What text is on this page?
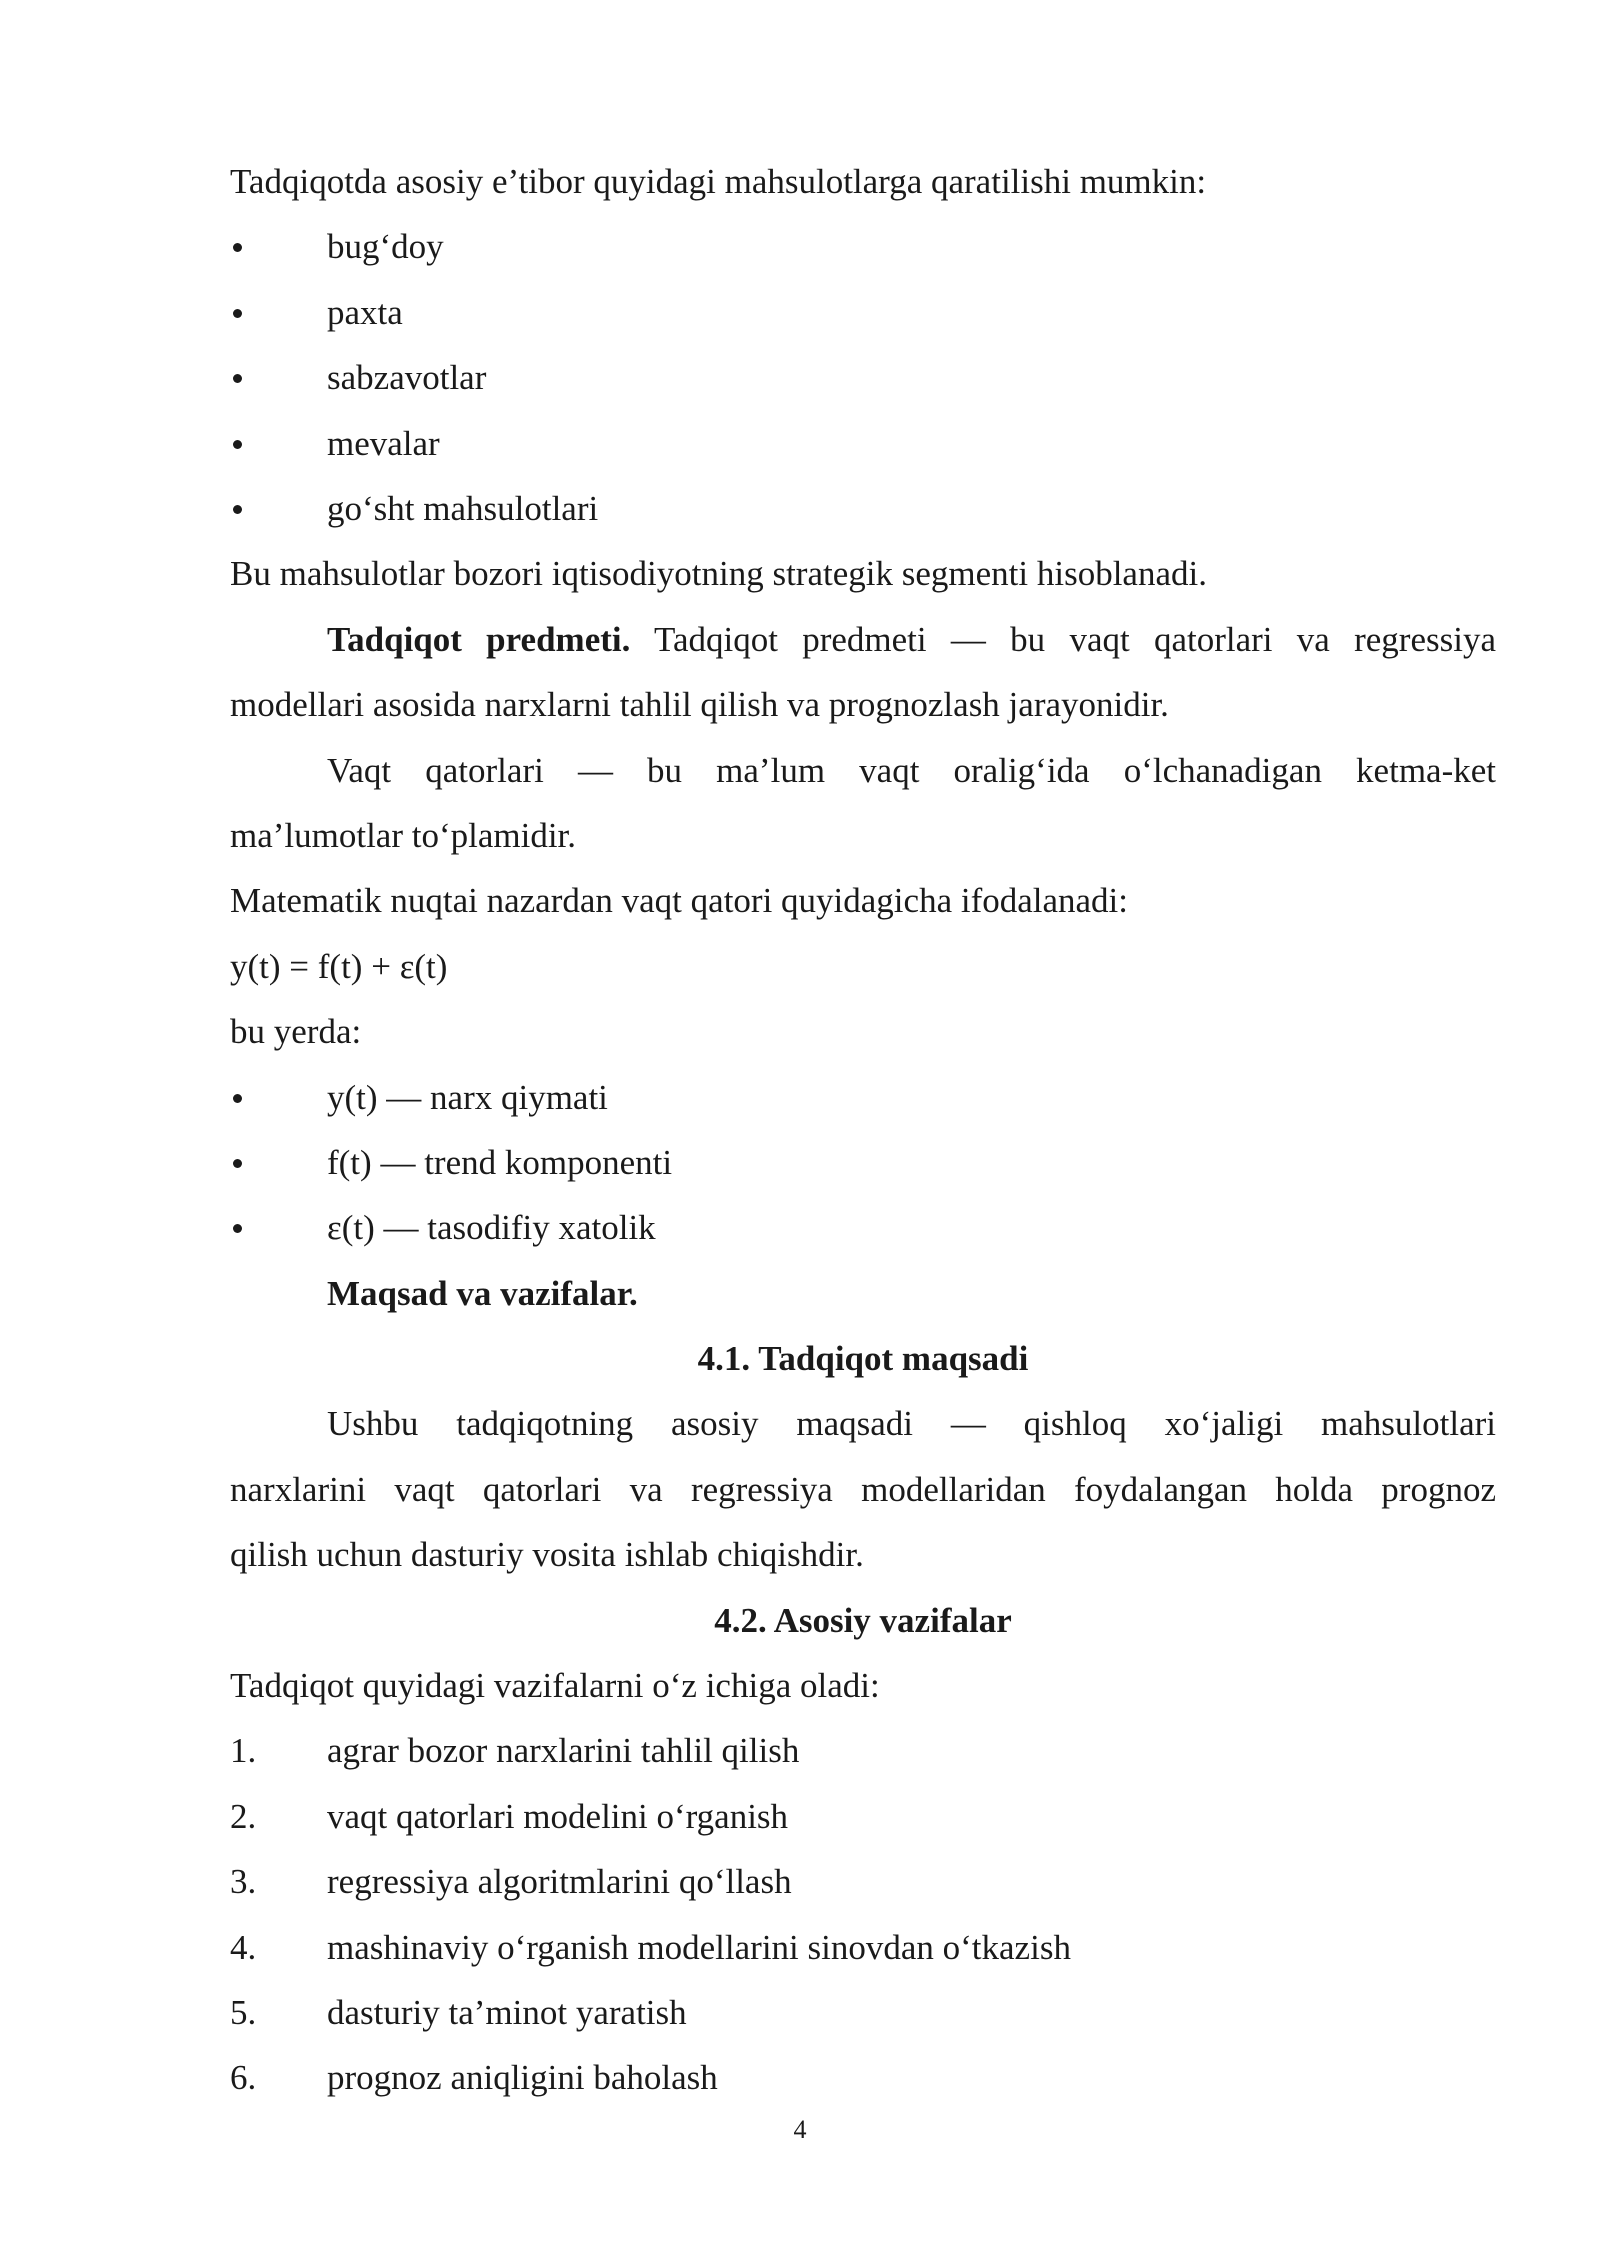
Tadqiqotda asosiy e’tibor quyidagi mahsulotlarga qaratilishi mumkin:
bug‘doy
paxta
sabzavotlar
mevalar
go‘sht mahsulotlari
Bu mahsulotlar bozori iqtisodiyotning strategik segmenti hisoblanadi.
Tadqiqot predmeti. Tadqiqot predmeti — bu vaqt qatorlari va regressiya
modellari asosida narxlarni tahlil qilish va prognozlash jarayonidir.
Vaqt qatorlari — bu ma’lum vaqt oralig‘ida o‘lchanadigan ketma-ket
ma’lumotlar to‘plamidir.
Matematik nuqtai nazardan vaqt qatori quyidagicha ifodalanadi:
y(t) = f(t) + ε(t)
bu yerda:
y(t) — narx qiymati
f(t) — trend komponenti
ε(t) — tasodifiy xatolik
Maqsad va vazifalar.
4.1. Tadqiqot maqsadi
Ushbu tadqiqotning asosiy maqsadi — qishloq xo‘jaligi mahsulotlari
narxlarini vaqt qatorlari va regressiya modellaridan foydalangan holda prognoz
qilish uchun dasturiy vosita ishlab chiqishdir.
4.2. Asosiy vazifalar
Tadqiqot quyidagi vazifalarni o‘z ichiga oladi:
1.	agrar bozor narxlarini tahlil qilish
2.	vaqt qatorlari modelini o‘rganish
3.	regressiya algoritmlarini qo‘llash
4.	mashinaviy o‘rganish modellarini sinovdan o‘tkazish
5.	dasturiy ta’minot yaratish
6.	prognoz aniqligini baholash
4
